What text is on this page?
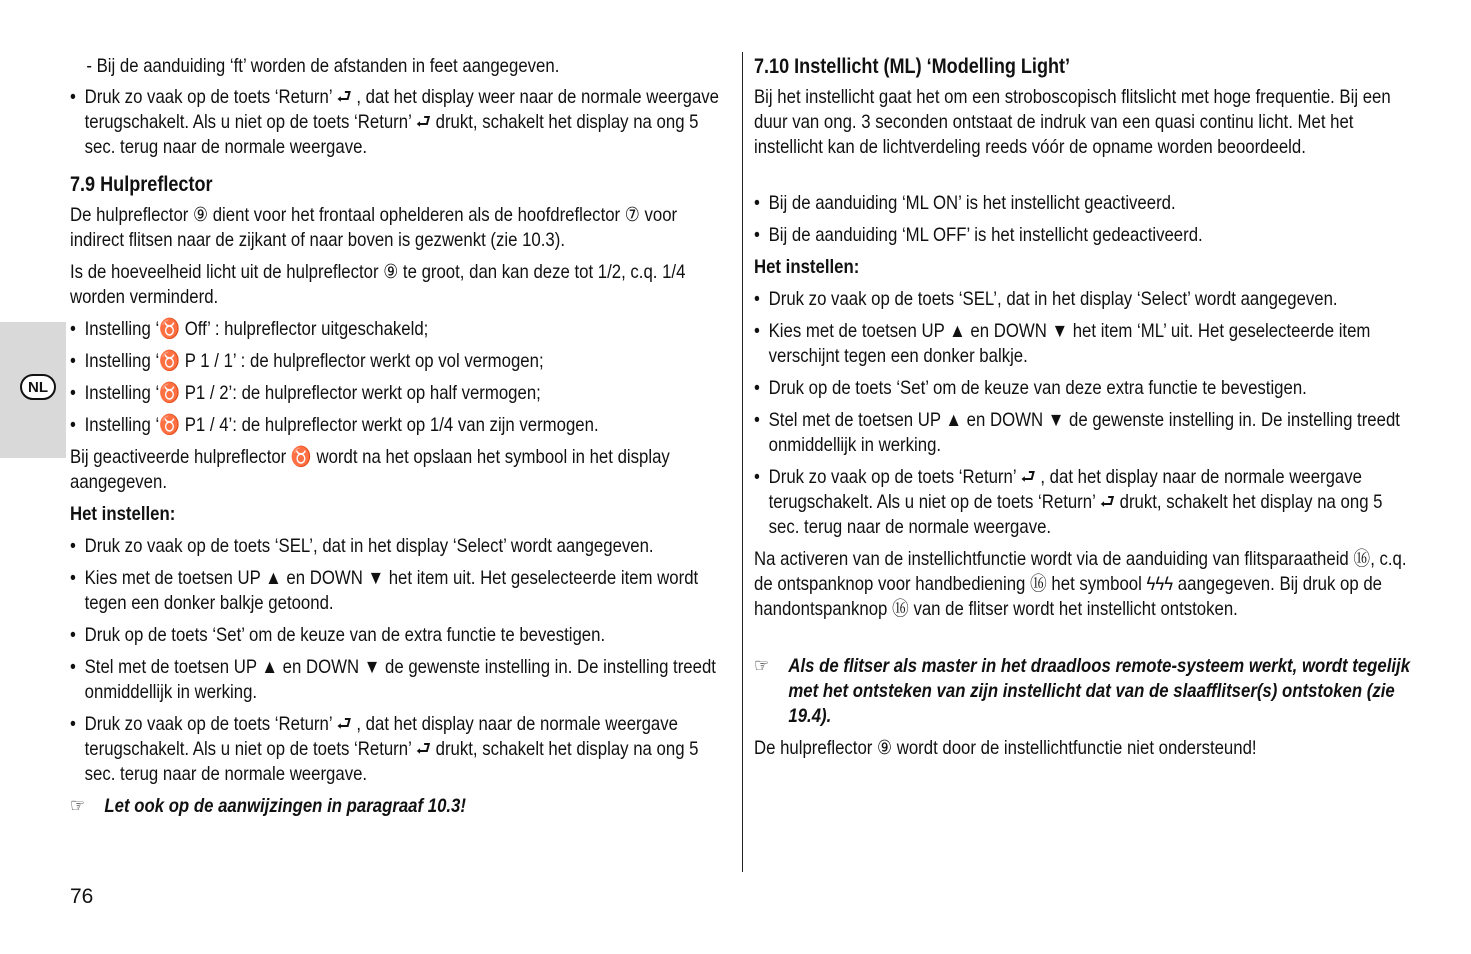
NL
- Bij de aanduiding ‘ft’ worden de afstanden in feet aangegeven.
• Druk zo vaak op de toets ‘Return’ ⮐ , dat het display weer naar de normale weergave terugschakelt. Als u niet op de toets ‘Return’ ⮐ drukt, schakelt het display na ong 5 sec. terug naar de normale weergave.
7.9 Hulpreflector
De hulpreflector ⑨ dient voor het frontaal ophelderen als de hoofdreflector ⑦ voor indirect flitsen naar de zijkant of naar boven is gezwenkt (zie 10.3).
Is de hoeveelheid licht uit de hulpreflector ⑨ te groot, dan kan deze tot 1/2, c.q. 1/4 worden verminderd.
• Instelling ‘♉ Off’ : hulpreflector uitgeschakeld;
• Instelling ‘♉ P 1 / 1’ : de hulpreflector werkt op vol vermogen;
• Instelling ‘♉ P1 / 2’: de hulpreflector werkt op half vermogen;
• Instelling ‘♉ P1 / 4’: de hulpreflector werkt op 1/4 van zijn vermogen.
Bij geactiveerde hulpreflector ♉ wordt na het opslaan het symbool in het display aangegeven.
Het instellen:
• Druk zo vaak op de toets ‘SEL’, dat in het display ‘Select’ wordt aangegeven.
• Kies met de toetsen UP ▲ en DOWN ▼ het item uit. Het geselecteerde item wordt tegen een donker balkje getoond.
• Druk op de toets ‘Set’ om de keuze van de extra functie te bevestigen.
• Stel met de toetsen UP ▲ en DOWN ▼ de gewenste instelling in. De instelling treedt onmiddellijk in werking.
• Druk zo vaak op de toets ‘Return’ ⮐ , dat het display naar de normale weergave terugschakelt. Als u niet op de toets ‘Return’ ⮐ drukt, schakelt het display na ong 5 sec. terug naar de normale weergave.
☞ Let ook op de aanwijzingen in paragraaf 10.3!
7.10 Instellicht (ML) ‘Modelling Light’
Bij het instellicht gaat het om een stroboscopisch flitslicht met hoge frequentie. Bij een duur van ong. 3 seconden ontstaat de indruk van een quasi continu licht. Met het instellicht kan de lichtverdeling reeds vóór de opname worden beoordeeld.
• Bij de aanduiding ‘ML ON’ is het instellicht geactiveerd.
• Bij de aanduiding ‘ML OFF’ is het instellicht gedeactiveerd.
Het instellen:
• Druk zo vaak op de toets ‘SEL’, dat in het display ‘Select’ wordt aangegeven.
• Kies met de toetsen UP ▲ en DOWN ▼ het item ‘ML’ uit. Het geselecteerde item verschijnt tegen een donker balkje.
• Druk op de toets ‘Set’ om de keuze van deze extra functie te bevestigen.
• Stel met de toetsen UP ▲ en DOWN ▼ de gewenste instelling in. De instelling treedt onmiddellijk in werking.
• Druk zo vaak op de toets ‘Return’ ⮐ , dat het display naar de normale weergave terugschakelt. Als u niet op de toets ‘Return’ ⮐ drukt, schakelt het display na ong 5 sec. terug naar de normale weergave.
Na activeren van de instellichtfunctie wordt via de aanduiding van flitsparaatheid ⑯, c.q. de ontspanknop voor handbediening ⑯ het symbool ϟϟϟ aangegeven. Bij druk op de handontspanknop ⑯ van de flitser wordt het instellicht ontstoken.
☞ Als de flitser als master in het draadloos remote-systeem werkt, wordt tegelijk met het ontsteken van zijn instellicht dat van de slaafflitser(s) ontstoken (zie 19.4).
De hulpreflector ⑨ wordt door de instellichtfunctie niet ondersteund!
76
